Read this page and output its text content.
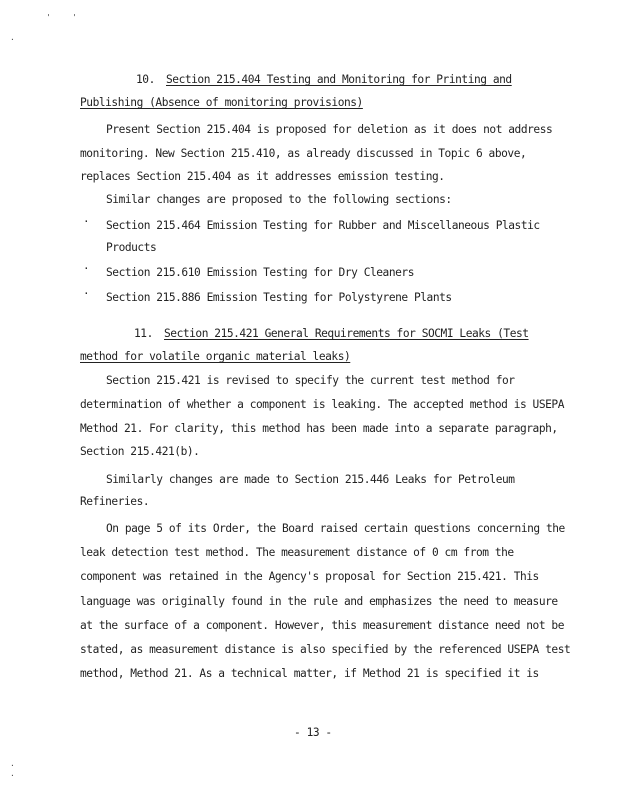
'	'
·
·
·
10. Section 215.404 Testing and Monitoring for Printing and
Publishing (Absence of monitoring provisions)
Present Section 215.404 is proposed for deletion as it does not address
monitoring. New Section 215.410, as already discussed in Topic 6 above,
replaces Section 215.404 as it addresses emission testing.
Similar changes are proposed to the following sections:
· Section 215.464 Emission Testing for Rubber and Miscellaneous Plastic
Products
· Section 215.610 Emission Testing for Dry Cleaners
· Section 215.886 Emission Testing for Polystyrene Plants
11. Section 215.421 General Requirements for SOCMI Leaks (Test
method for volatile organic material leaks)
Section 215.421 is revised to specify the current test method for
determination of whether a component is leaking. The accepted method is USEPA
Method 21. For clarity, this method has been made into a separate paragraph,
Section 215.421(b).
Similarly changes are made to Section 215.446 Leaks for Petroleum
Refineries.
On page 5 of its Order, the Board raised certain questions concerning the
leak detection test method. The measurement distance of 0 cm from the
component was retained in the Agency's proposal for Section 215.421. This
language was originally found in the rule and emphasizes the need to measure
at the surface of a component. However, this measurement distance need not be
stated, as measurement distance is also specified by the referenced USEPA test
method, Method 21. As a technical matter, if Method 21 is specified it is
- 13 -
